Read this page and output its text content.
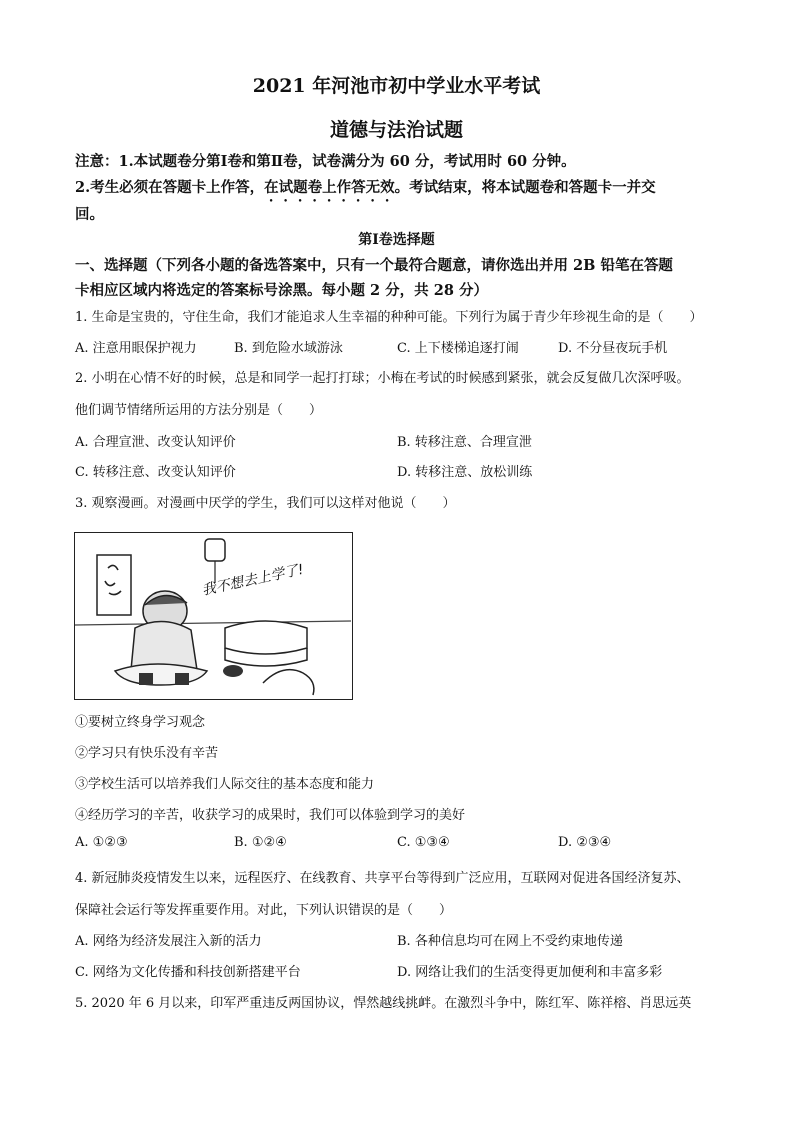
2021 年河池市初中学业水平考试
道德与法治试题
注意：1.本试题卷分第Ⅰ卷和第Ⅱ卷，试卷满分为 60 分，考试用时 60 分钟。
2.考生必须在答题卡上作答，在试题卷上作答无效。考试结束，将本试题卷和答题卡一并交
回。
第Ⅰ卷选择题
一、选择题（下列各小题的备选答案中，只有一个最符合题意，请你选出并用 2B 铅笔在答题
卡相应区域内将选定的答案标号涂黑。每小题 2 分，共 28 分）
1. 生命是宝贵的，守住生命，我们才能追求人生幸福的种种可能。下列行为属于青少年珍视生命的是（　　）
A. 注意用眼保护视力	B. 到危险水域游泳	C. 上下楼梯追逐打闹	D. 不分昼夜玩手机
2. 小明在心情不好的时候，总是和同学一起打打球；小梅在考试的时候感到紧张，就会反复做几次深呼吸。
他们调节情绪所运用的方法分别是（　　）
A. 合理宣泄、改变认知评价	B. 转移注意、合理宣泄
C. 转移注意、改变认知评价	D. 转移注意、放松训练
3. 观察漫画。对漫画中厌学的学生，我们可以这样对他说（　　）
我不想去上学了!
①要树立终身学习观念
②学习只有快乐没有辛苦
③学校生活可以培养我们人际交往的基本态度和能力
④经历学习的辛苦，收获学习的成果时，我们可以体验到学习的美好
A. ①②③	B. ①②④	C. ①③④	D. ②③④
4. 新冠肺炎疫情发生以来，远程医疗、在线教育、共享平台等得到广泛应用，互联网对促进各国经济复苏、
保障社会运行等发挥重要作用。对此，下列认识错误的是（　　）
A. 网络为经济发展注入新的活力	B. 各种信息均可在网上不受约束地传递
C. 网络为文化传播和科技创新搭建平台	D. 网络让我们的生活变得更加便利和丰富多彩
5. 2020 年 6 月以来，印军严重违反两国协议，悍然越线挑衅。在激烈斗争中，陈红军、陈祥榕、肖思远英
